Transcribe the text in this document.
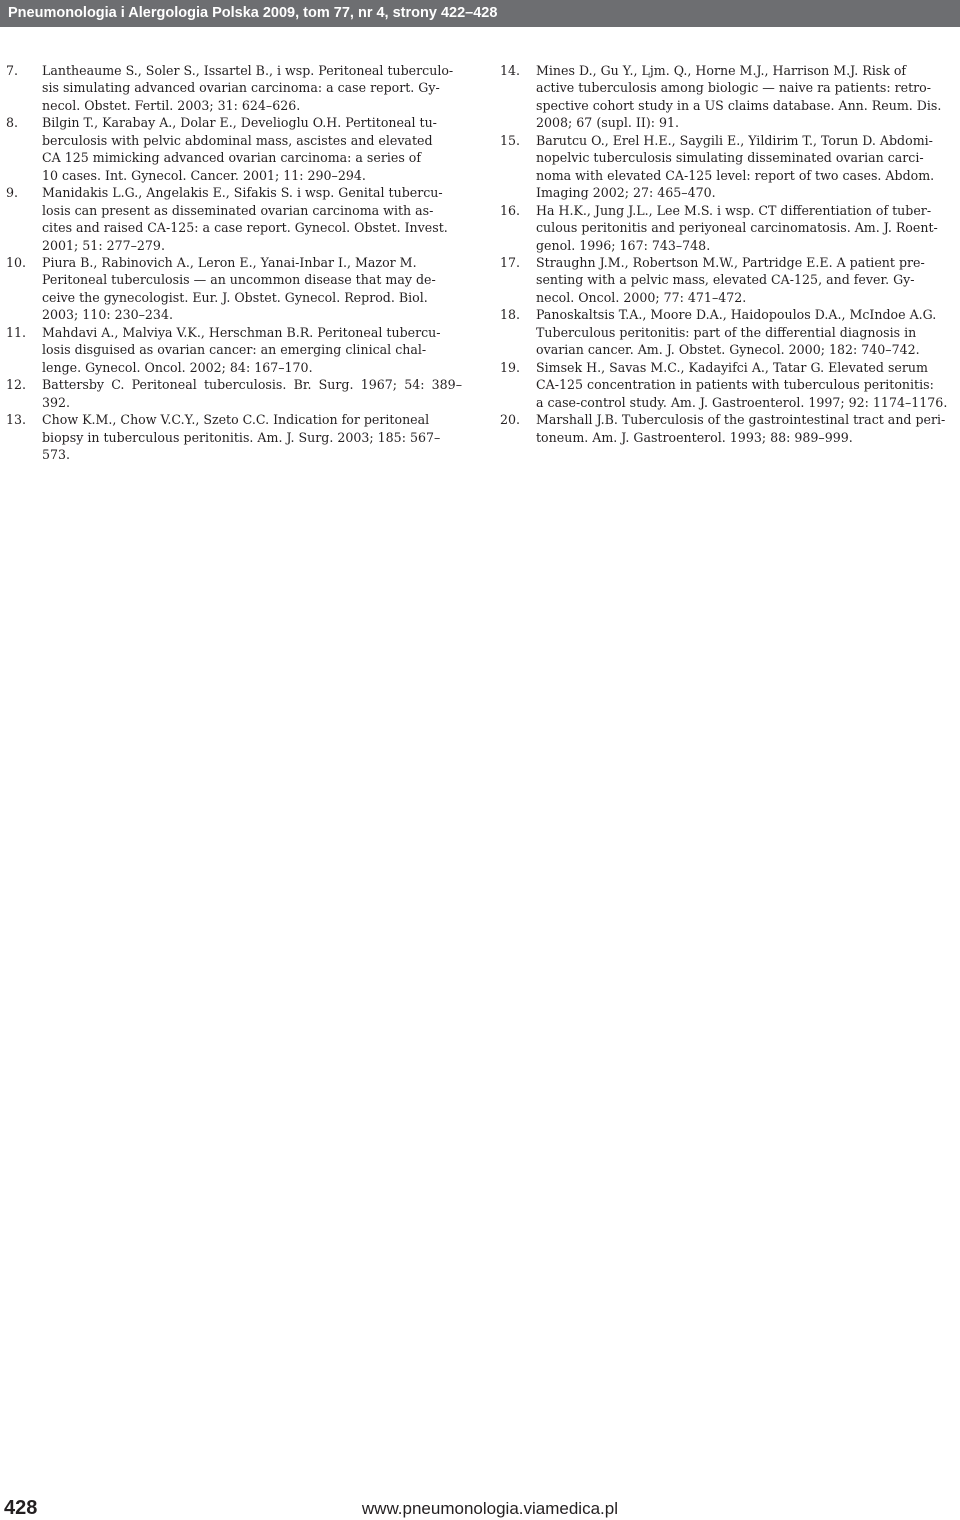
Pneumonologia i Alergologia Polska 2009, tom 77, nr 4, strony 422–428
7.	Lantheaume S., Soler S., Issartel B., i wsp. Peritoneal tuberculo-
sis simulating advanced ovarian carcinoma: a case report. Gy-
necol. Obstet. Fertil. 2003; 31: 624–626.
8.	Bilgin T., Karabay A., Dolar E., Develioglu O.H. Pertitoneal tu-
berculosis with pelvic abdominal mass, ascistes and elevated
CA 125 mimicking advanced ovarian carcinoma: a series of
10 cases. Int. Gynecol. Cancer. 2001; 11: 290–294.
9.	Manidakis L.G., Angelakis E., Sifakis S. i wsp. Genital tubercu-
losis can present as disseminated ovarian carcinoma with as-
cites and raised CA-125: a case report. Gynecol. Obstet. Invest.
2001; 51: 277–279.
10.	Piura B., Rabinovich A., Leron E., Yanai-Inbar I., Mazor M.
Peritoneal tuberculosis — an uncommon disease that may de-
ceive the gynecologist. Eur. J. Obstet. Gynecol. Reprod. Biol.
2003; 110: 230–234.
11.	Mahdavi A., Malviya V.K., Herschman B.R. Peritoneal tubercu-
losis disguised as ovarian cancer: an emerging clinical chal-
lenge. Gynecol. Oncol. 2002; 84: 167–170.
12.	Battersby C. Peritoneal tuberculosis. Br. Surg. 1967; 54: 389–392.
13.	Chow K.M., Chow V.C.Y., Szeto C.C. Indication for peritoneal
biopsy in tuberculous peritonitis. Am. J. Surg. 2003; 185: 567–
573.
14.	Mines D., Gu Y., Ljm. Q., Horne M.J., Harrison M.J. Risk of
active tuberculosis among biologic — naive ra patients: retro-
spective cohort study in a US claims database. Ann. Reum. Dis.
2008; 67 (supl. II): 91.
15.	Barutcu O., Erel H.E., Saygili E., Yildirim T., Torun D. Abdomi-
nopelvic tuberculosis simulating disseminated ovarian carci-
noma with elevated CA-125 level: report of two cases. Abdom.
Imaging 2002; 27: 465–470.
16.	Ha H.K., Jung J.L., Lee M.S. i wsp. CT differentiation of tuber-
culous peritonitis and periyoneal carcinomatosis. Am. J. Roent-
genol. 1996; 167: 743–748.
17.	Straughn J.M., Robertson M.W., Partridge E.E. A patient pre-
senting with a pelvic mass, elevated CA-125, and fever. Gy-
necol. Oncol. 2000; 77: 471–472.
18.	Panoskaltsis T.A., Moore D.A., Haidopoulos D.A., McIndoe A.G.
Tuberculous peritonitis: part of the differential diagnosis in
ovarian cancer. Am. J. Obstet. Gynecol. 2000; 182: 740–742.
19.	Simsek H., Savas M.C., Kadayifci A., Tatar G. Elevated serum
CA-125 concentration in patients with tuberculous peritonitis:
a case-control study. Am. J. Gastroenterol. 1997; 92: 1174–1176.
20.	Marshall J.B. Tuberculosis of the gastrointestinal tract and peri-
toneum. Am. J. Gastroenterol. 1993; 88: 989–999.
428	www.pneumonologia.viamedica.pl
